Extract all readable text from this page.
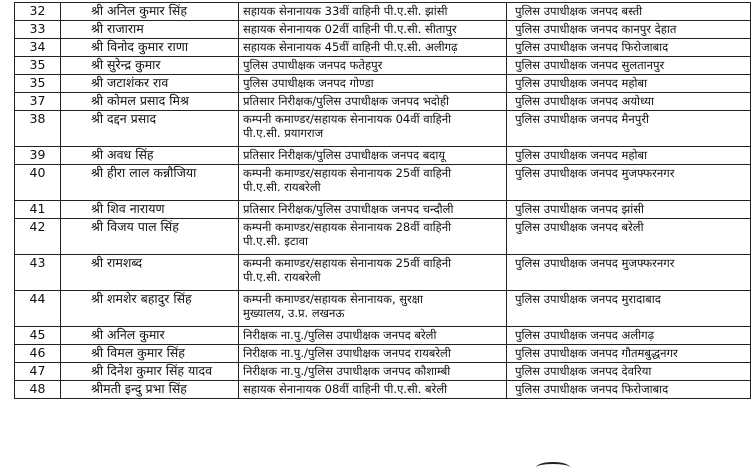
32	श्री अनिल कुमार सिंह	सहायक सेनानायक 33वीं वाहिनी पी.ए.सी. झांसी	पुलिस उपाधीक्षक जनपद बस्ती

33	श्री राजाराम	सहायक सेनानायक 02वीं वाहिनी पी.ए.सी. सीतापुर	पुलिस उपाधीक्षक जनपद कानपुर देहात

34	श्री विनोद कुमार राणा	सहायक सेनानायक 45वीं वाहिनी पी.ए.सी. अलीगढ़	पुलिस उपाधीक्षक जनपद फिरोजाबाद

35	श्री सुरेन्द्र कुमार	पुलिस उपाधीक्षक जनपद फतेहपुर	पुलिस उपाधीक्षक जनपद सुलतानपुर

35	श्री जटाशंकर राव	पुलिस उपाधीक्षक जनपद गोण्डा	पुलिस उपाधीक्षक जनपद महोबा

37	श्री कोमल प्रसाद मिश्र	प्रतिसार निरीक्षक/पुलिस उपाधीक्षक जनपद भदोही	पुलिस उपाधीक्षक जनपद अयोध्या

38	श्री दद्दन प्रसाद	कम्पनी कमाण्डर/सहायक सेनानायक 04वीं वाहिनी
पी.ए.सी. प्रयागराज	पुलिस उपाधीक्षक जनपद मैनपुरी

39	श्री अवध सिंह	प्रतिसार निरीक्षक/पुलिस उपाधीक्षक जनपद बदायू	पुलिस उपाधीक्षक जनपद महोबा

40	श्री हीरा लाल कन्नौजिया	कम्पनी कमाण्डर/सहायक सेनानायक 25वीं वाहिनी
पी.ए.सी. रायबरेली	पुलिस उपाधीक्षक जनपद मुजफ्फरनगर

41	श्री शिव नारायण	प्रतिसार निरीक्षक/पुलिस उपाधीक्षक जनपद चन्दौली	पुलिस उपाधीक्षक जनपद झांसी

42	श्री विजय पाल सिंह	कम्पनी कमाण्डर/सहायक सेनानायक 28वीं वाहिनी
पी.ए.सी. इटावा	पुलिस उपाधीक्षक जनपद बरेली

43	श्री रामशब्द	कम्पनी कमाण्डर/सहायक सेनानायक 25वीं वाहिनी
पी.ए.सी. रायबरेली	पुलिस उपाधीक्षक जनपद मुजफ्फरनगर

44	श्री शमशेर बहादुर सिंह	कम्पनी कमाण्डर/सहायक सेनानायक, सुरक्षा
मुख्यालय, उ.प्र. लखनऊ	पुलिस उपाधीक्षक जनपद मुरादाबाद

45	श्री अनिल कुमार	निरीक्षक ना.पु./पुलिस उपाधीक्षक जनपद बरेली	पुलिस उपाधीक्षक जनपद अलीगढ़

46	श्री विमल कुमार सिंह	निरीक्षक ना.पु./पुलिस उपाधीक्षक जनपद रायबरेली	पुलिस उपाधीक्षक जनपद गौतमबुद्धनगर

47	श्री दिनेश कुमार सिंह यादव	निरीक्षक ना.पु./पुलिस उपाधीक्षक जनपद कौशाम्बी	पुलिस उपाधीक्षक जनपद देवरिया

48	श्रीमती इन्दु प्रभा सिंह	सहायक सेनानायक 08वीं वाहिनी पी.ए.सी. बरेली	पुलिस उपाधीक्षक जनपद फिरोजाबाद
